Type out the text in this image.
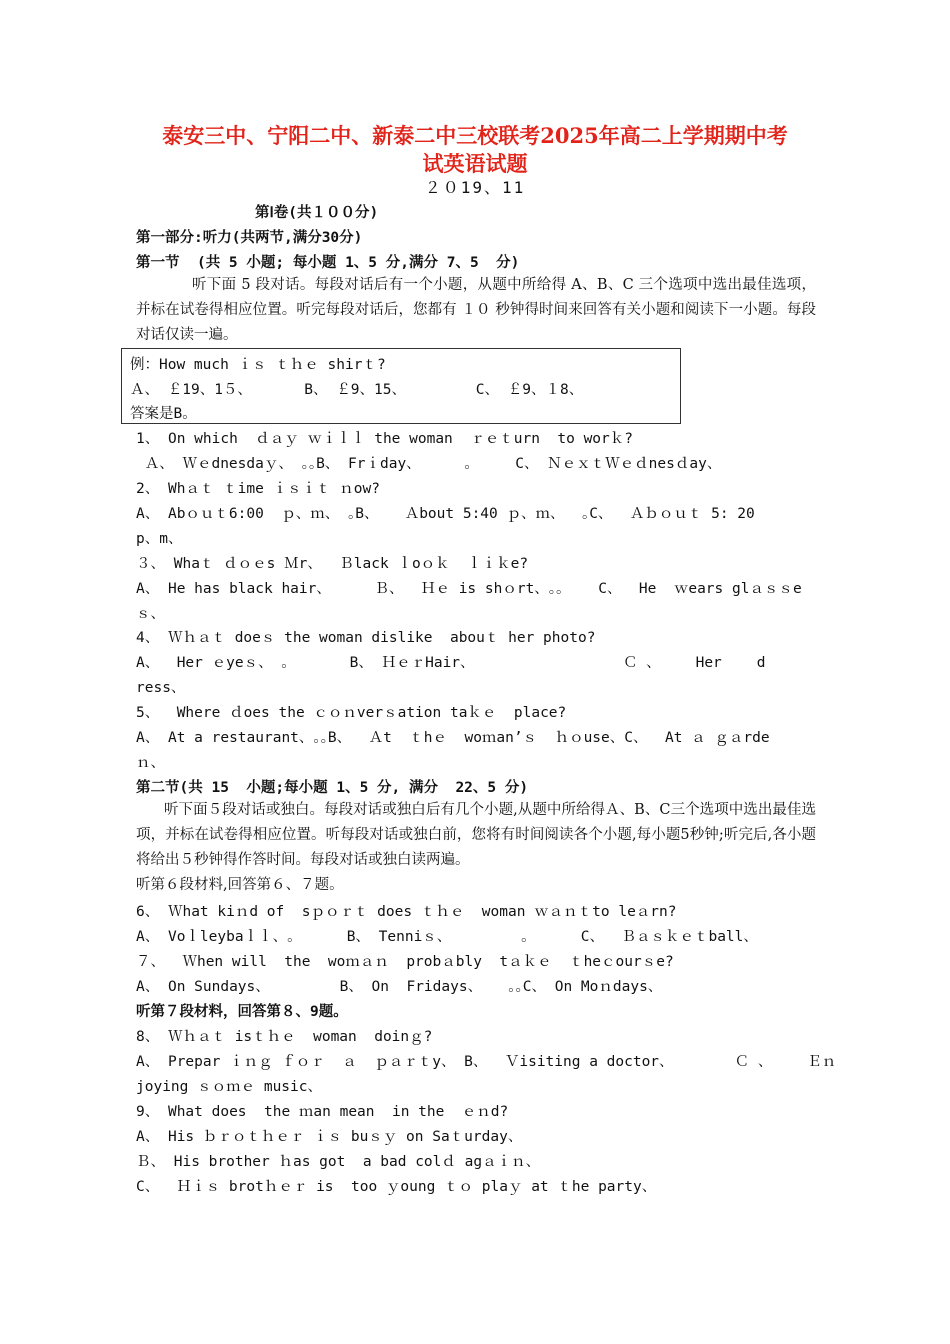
泰安三中、宁阳二中、新泰二中三校联考2025年高二上学期期中考
试英语试题
２０19、11
第Ⅰ卷(共１００分)
第一部分:听力(共两节,满分30分)
第一节  (共 5 小题; 每小题 1、5 分,满分 7、5  分)
听下面 5 段对话。每段对话后有一个小题，从题中所给得 A、B、C 三个选项中选出最佳选项，并标在试卷得相应位置。听完每段对话后，您都有 １０ 秒钟得时间来回答有关小题和阅读下一小题。每段对话仅读一遍。
例：How much ｉｓ ｔｈｅ shirｔ?
Ａ、 ￡19、1５、      B、 ￡9、15、        C、 ￡9、１8、
答案是B。
1、 On which  ｄａｙ ｗｉｌｌ the woman  ｒｅｔurn  to worｋ?
Ａ、 Ｗｅdnesdaｙ、 ｡｡B、 Frｉday、     ｡     C、 ＮｅｘｔＷｅｄnesｄay、
2、 Whａｔ ｔime ｉｓｉｔ ｎow?
A、 Abｏｕｔ6:00  ｐ、ｍ、 ｡B、   Ａbout 5:40 ｐ、ｍ、  ｡C、  Ａｂｏｕｔ 5: 20
p、m、
３、 Whaｔ ｄｏｅs Ｍr、  Ｂlack ｌoｏｋ  ｌｉｋe?
A、 He has black hair、     Ｂ、  Ｈｅ is shｏrt、｡｡    C、  He  ｗears glａｓｓe
ｓ、
4、 Ｗｈａｔ doeｓ the woman dislike  abouｔ her photo?
A、  Her ｅyeｓ、 ｡       B、 ＨｅｒHair、                 Ｃ 、    Her    d
ress、
5、  Where ｄoes the ｃｏｎverｓation taｋｅ  place?
A、 At a restaurant、｡｡B、  Ａt  ｔhｅ  woｍan’ｓ  ｈｏuse、C、  At ａ ｇａrde
ｎ、
第二节(共 15  小题;每小题 1、5 分, 满分  22、5 分)
听下面５段对话或独白。每段对话或独白后有几个小题,从题中所给得Ａ、B、C三个选项中选出最佳选项，并标在试卷得相应位置。听每段对话或独白前，您将有时间阅读各个小题,每小题5秒钟;听完后,各小题将给出５秒钟得作答时间。每段对话或独白读两遍。
听第６段材料,回答第６、７题。
6、 Ｗhat kiｎd of  sｐｏｒｔ does ｔｈｅ  woman ｗａｎｔto leａrn?
A、 Voｌleybaｌｌ、｡      B、 Tenniｓ、        ｡      C、  Ｂａｓｋｅｔball、
７、  Ｗhen will  the  woｍａｎ  probａbly  tａｋｅ  ｔheｃourｓe?
A、 On Sundays、        B、 On  Fridays、   ｡｡C、 On Moｎdays、
听第７段材料，回答第８、9题。
8、 Ｗｈａｔ isｔｈｅ  woman  doinｇ?
A、 Prepar ｉｎｇ ｆｏｒ  ａ  ｐａｒｔy、 B、  Ｖisiting a doctor、       Ｃ 、    Ｅｎ
joying ｓｏｍｅ music、
9、 What does  the ｍan mean  in the  ｅｎd?
A、 His ｂｒｏｔｈｅｒ ｉｓ buｓｙ on Saｔurday、
Ｂ、 His brother ｈas got  a bad colｄ agａｉｎ、
C、  Ｈｉｓ brotｈｅｒ is  too ｙoung ｔｏ plaｙ at ｔhe party、
